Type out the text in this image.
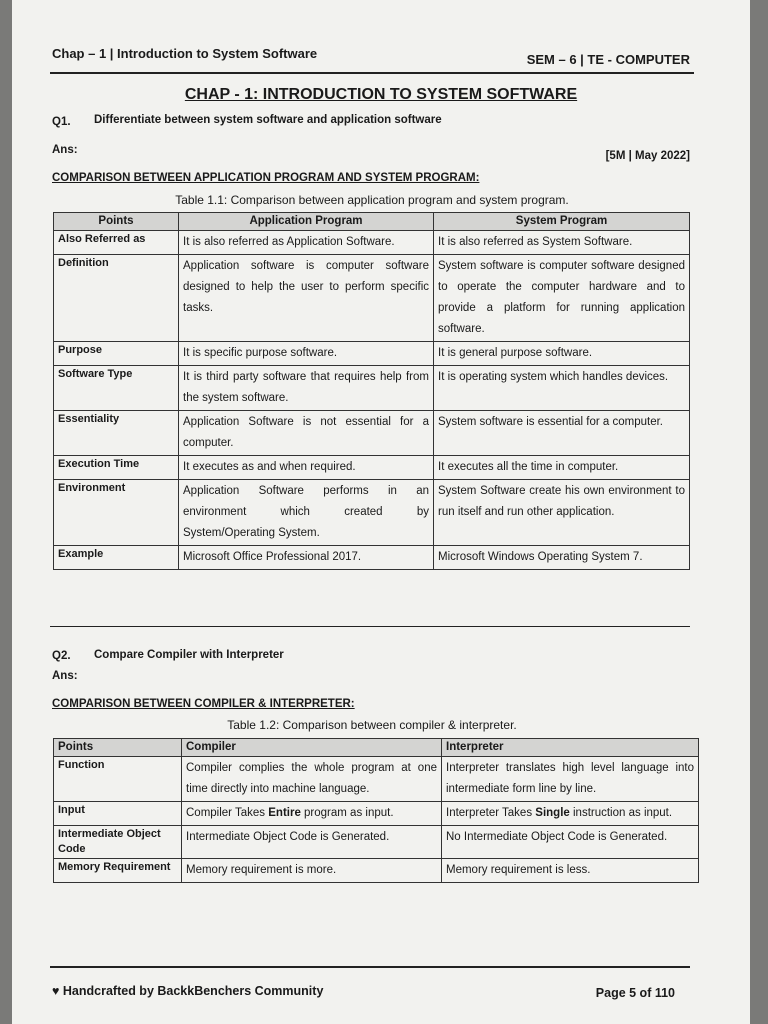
Chap – 1 | Introduction to System Software	SEM – 6 | TE - COMPUTER
CHAP - 1: INTRODUCTION TO SYSTEM SOFTWARE
Q1. Differentiate between system software and application software
Ans:	[5M | May 2022]
COMPARISON BETWEEN APPLICATION PROGRAM AND SYSTEM PROGRAM:
Table 1.1: Comparison between application program and system program.
Points	Application Program	System Program
Also Referred as	It is also referred as Application Software.	It is also referred as System Software.
Definition	Application software is computer software designed to help the user to perform specific tasks.	System software is computer software designed to operate the computer hardware and to provide a platform for running application software.
Purpose	It is specific purpose software.	It is general purpose software.
Software Type	It is third party software that requires help from the system software.	It is operating system which handles devices.
Essentiality	Application Software is not essential for a computer.	System software is essential for a computer.
Execution Time	It executes as and when required.	It executes all the time in computer.
Environment	Application Software performs in an environment which created by System/Operating System.	System Software create his own environment to run itself and run other application.
Example	Microsoft Office Professional 2017.	Microsoft Windows Operating System 7.
Q2. Compare Compiler with Interpreter
Ans:
COMPARISON BETWEEN COMPILER & INTERPRETER:
Table 1.2: Comparison between compiler & interpreter.
Points	Compiler	Interpreter
Function	Compiler complies the whole program at one time directly into machine language.	Interpreter translates high level language into intermediate form line by line.
Input	Compiler Takes Entire program as input.	Interpreter Takes Single instruction as input.
Intermediate Object Code	Intermediate Object Code is Generated.	No Intermediate Object Code is Generated.
Memory Requirement	Memory requirement is more.	Memory requirement is less.
♥ Handcrafted by BackkBenchers Community	Page 5 of 110
